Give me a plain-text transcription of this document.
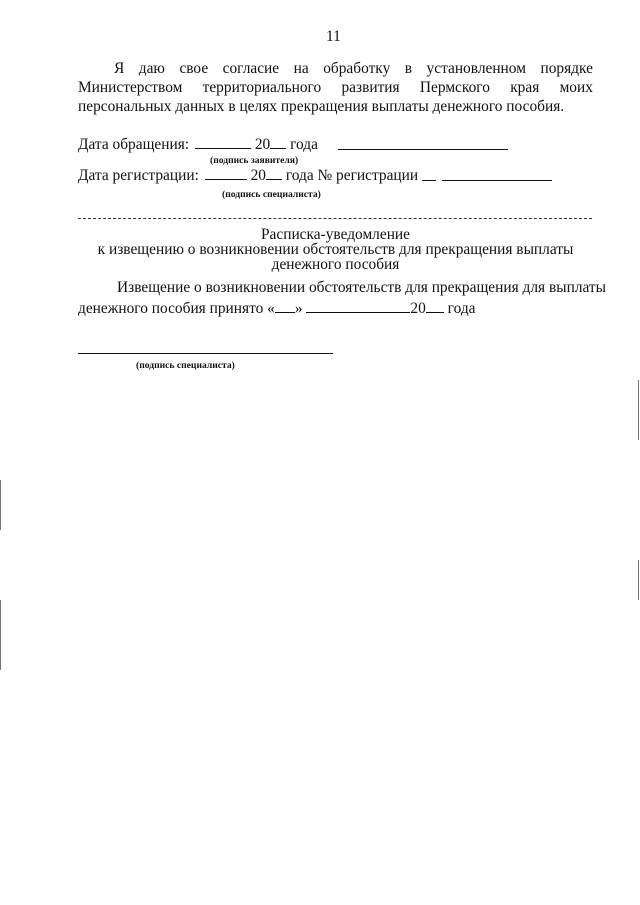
11
Я даю свое согласие на обработку в установленном порядке
Министерством территориального развития Пермского края моих
персональных данных в целях прекращения выплаты денежного пособия.
Дата обращения:	20 года
(подпись заявителя)
Дата регистрации:	20 года № регистрации
(подпись специалиста)
Расписка-уведомление
к извещению о возникновении обстоятельств для прекращения выплаты
денежного пособия
Извещение о возникновении обстоятельств для прекращения для выплаты
денежного пособия принято « »	20 года
(подпись специалиста)
